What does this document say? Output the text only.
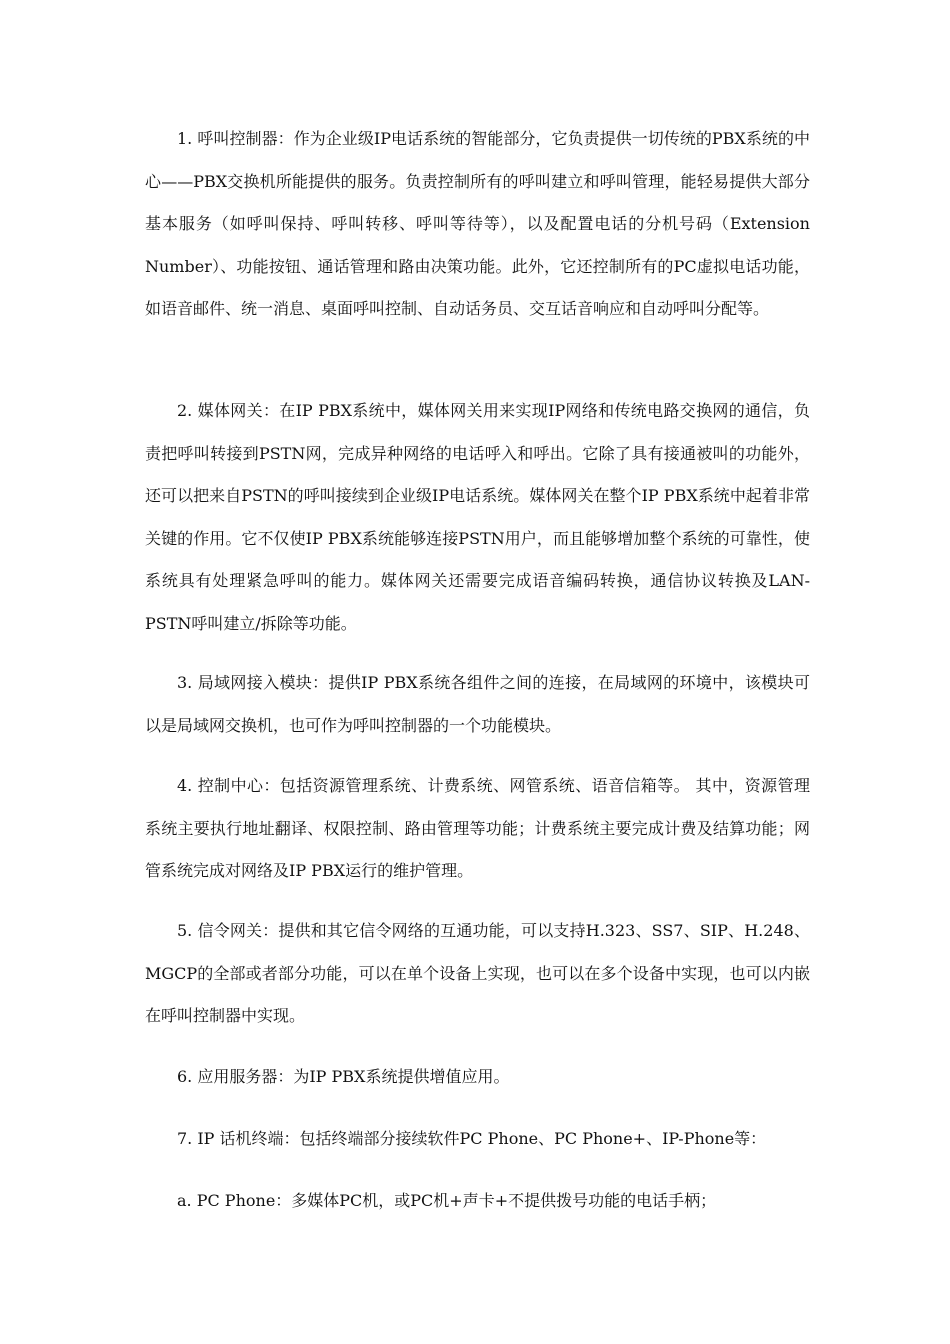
1. 呼叫控制器：作为企业级IP电话系统的智能部分，它负责提供一切传统的PBX系统的中心——PBX交换机所能提供的服务。负责控制所有的呼叫建立和呼叫管理，能轻易提供大部分基本服务（如呼叫保持、呼叫转移、呼叫等待等），以及配置电话的分机号码（Extension Number）、功能按钮、通话管理和路由决策功能。此外，它还控制所有的PC虚拟电话功能，如语音邮件、统一消息、桌面呼叫控制、自动话务员、交互话音响应和自动呼叫分配等。

2. 媒体网关：在IP PBX系统中，媒体网关用来实现IP网络和传统电路交换网的通信，负责把呼叫转接到PSTN网，完成异种网络的电话呼入和呼出。它除了具有接通被叫的功能外，还可以把来自PSTN的呼叫接续到企业级IP电话系统。媒体网关在整个IP PBX系统中起着非常关键的作用。它不仅使IP PBX系统能够连接PSTN用户，而且能够增加整个系统的可靠性，使系统具有处理紧急呼叫的能力。媒体网关还需要完成语音编码转换，通信协议转换及LAN-PSTN呼叫建立/拆除等功能。

3. 局域网接入模块：提供IP PBX系统各组件之间的连接，在局域网的环境中，该模块可以是局域网交换机，也可作为呼叫控制器的一个功能模块。

4. 控制中心：包括资源管理系统、计费系统、网管系统、语音信箱等。 其中，资源管理系统主要执行地址翻译、权限控制、路由管理等功能；计费系统主要完成计费及结算功能；网管系统完成对网络及IP PBX运行的维护管理。

5. 信令网关：提供和其它信令网络的互通功能，可以支持H.323、SS7、SIP、H.248、MGCP的全部或者部分功能，可以在单个设备上实现，也可以在多个设备中实现，也可以内嵌在呼叫控制器中实现。

6. 应用服务器：为IP PBX系统提供增值应用。

7. IP 话机终端：包括终端部分接续软件PC Phone、PC Phone+、IP-Phone等：

a. PC Phone：多媒体PC机，或PC机+声卡+不提供拨号功能的电话手柄；
